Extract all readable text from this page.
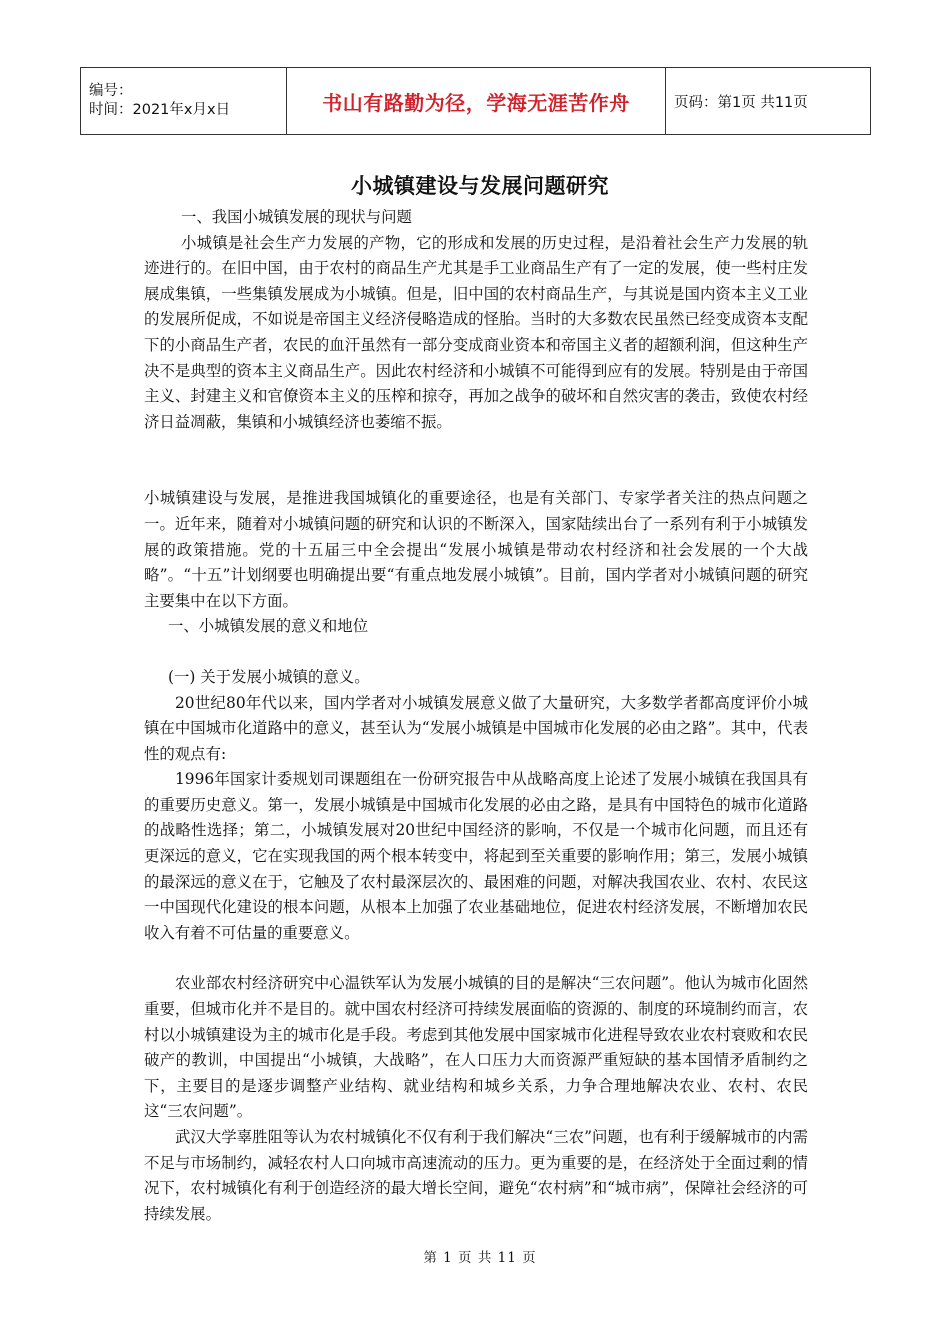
编号：
时间：2021年x月x日	书山有路勤为径，学海无涯苦作舟	页码：第1页 共11页
小城镇建设与发展问题研究

一、我国小城镇发展的现状与问题

小城镇是社会生产力发展的产物，它的形成和发展的历史过程，是沿着社会生产力发展的轨迹进行的。在旧中国，由于农村的商品生产尤其是手工业商品生产有了一定的发展，使一些村庄发展成集镇，一些集镇发展成为小城镇。但是，旧中国的农村商品生产，与其说是国内资本主义工业的发展所促成，不如说是帝国主义经济侵略造成的怪胎。当时的大多数农民虽然已经变成资本支配下的小商品生产者，农民的血汗虽然有一部分变成商业资本和帝国主义者的超额利润，但这种生产决不是典型的资本主义商品生产。因此农村经济和小城镇不可能得到应有的发展。特别是由于帝国主义、封建主义和官僚资本主义的压榨和掠夺，再加之战争的破坏和自然灾害的袭击，致使农村经济日益凋蔽，集镇和小城镇经济也萎缩不振。

小城镇建设与发展，是推进我国城镇化的重要途径，也是有关部门、专家学者关注的热点问题之一。近年来，随着对小城镇问题的研究和认识的不断深入，国家陆续出台了一系列有利于小城镇发展的政策措施。党的十五届三中全会提出“发展小城镇是带动农村经济和社会发展的一个大战略”。“十五”计划纲要也明确提出要“有重点地发展小城镇”。目前，国内学者对小城镇问题的研究主要集中在以下方面。

一、小城镇发展的意义和地位

(一) 关于发展小城镇的意义。

20世纪80年代以来，国内学者对小城镇发展意义做了大量研究，大多数学者都高度评价小城镇在中国城市化道路中的意义，甚至认为“发展小城镇是中国城市化发展的必由之路”。其中，代表性的观点有:

1996年国家计委规划司课题组在一份研究报告中从战略高度上论述了发展小城镇在我国具有的重要历史意义。第一，发展小城镇是中国城市化发展的必由之路，是具有中国特色的城市化道路的战略性选择；第二，小城镇发展对20世纪中国经济的影响，不仅是一个城市化问题，而且还有更深远的意义，它在实现我国的两个根本转变中，将起到至关重要的影响作用；第三，发展小城镇的最深远的意义在于，它触及了农村最深层次的、最困难的问题，对解决我国农业、农村、农民这一中国现代化建设的根本问题，从根本上加强了农业基础地位，促进农村经济发展，不断增加农民收入有着不可估量的重要意义。

农业部农村经济研究中心温铁军认为发展小城镇的目的是解决“三农问题”。他认为城市化固然重要，但城市化并不是目的。就中国农村经济可持续发展面临的资源的、制度的环境制约而言，农村以小城镇建设为主的城市化是手段。考虑到其他发展中国家城市化进程导致农业农村衰败和农民破产的教训，中国提出“小城镇，大战略”，在人口压力大而资源严重短缺的基本国情矛盾制约之下，主要目的是逐步调整产业结构、就业结构和城乡关系，力争合理地解决农业、农村、农民这“三农问题”。

武汉大学辜胜阻等认为农村城镇化不仅有利于我们解决“三农”问题，也有利于缓解城市的内需不足与市场制约，减轻农村人口向城市高速流动的压力。更为重要的是，在经济处于全面过剩的情况下，农村城镇化有利于创造经济的最大增长空间，避免“农村病”和“城市病”，保障社会经济的可持续发展。

第 1 页 共 11 页
